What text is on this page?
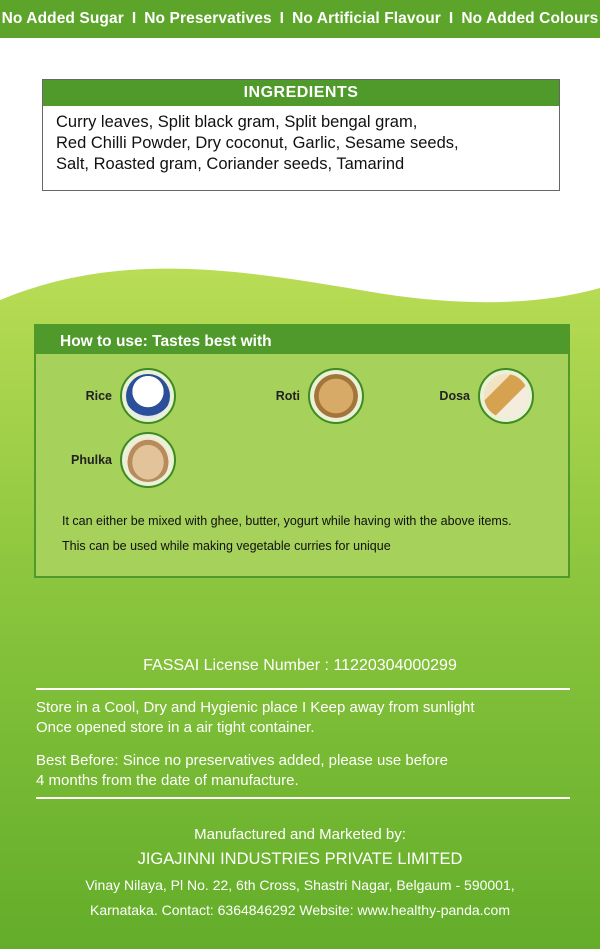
No Added Sugar I No Preservatives I No Artificial Flavour I No Added Colours
INGREDIENTS
Curry leaves, Split black gram, Split bengal gram,
Red Chilli Powder, Dry coconut, Garlic, Sesame seeds,
Salt, Roasted gram, Coriander seeds, Tamarind
How to use: Tastes best with
Rice	Roti	Dosa
Phulka
It can either be mixed with ghee, butter, yogurt while having with the above items.
This can be used while making vegetable curries for unique
FASSAI License Number : 11220304000299
Store in a Cool, Dry and Hygienic place I Keep away from sunlight
Once opened store in a air tight container.
Best Before: Since no preservatives added, please use before
4 months from the date of manufacture.
Manufactured and Marketed by:
JIGAJINNI INDUSTRIES PRIVATE LIMITED
Vinay Nilaya, Pl No. 22, 6th Cross, Shastri Nagar, Belgaum - 590001,
Karnataka. Contact: 6364846292 Website: www.healthy-panda.com
